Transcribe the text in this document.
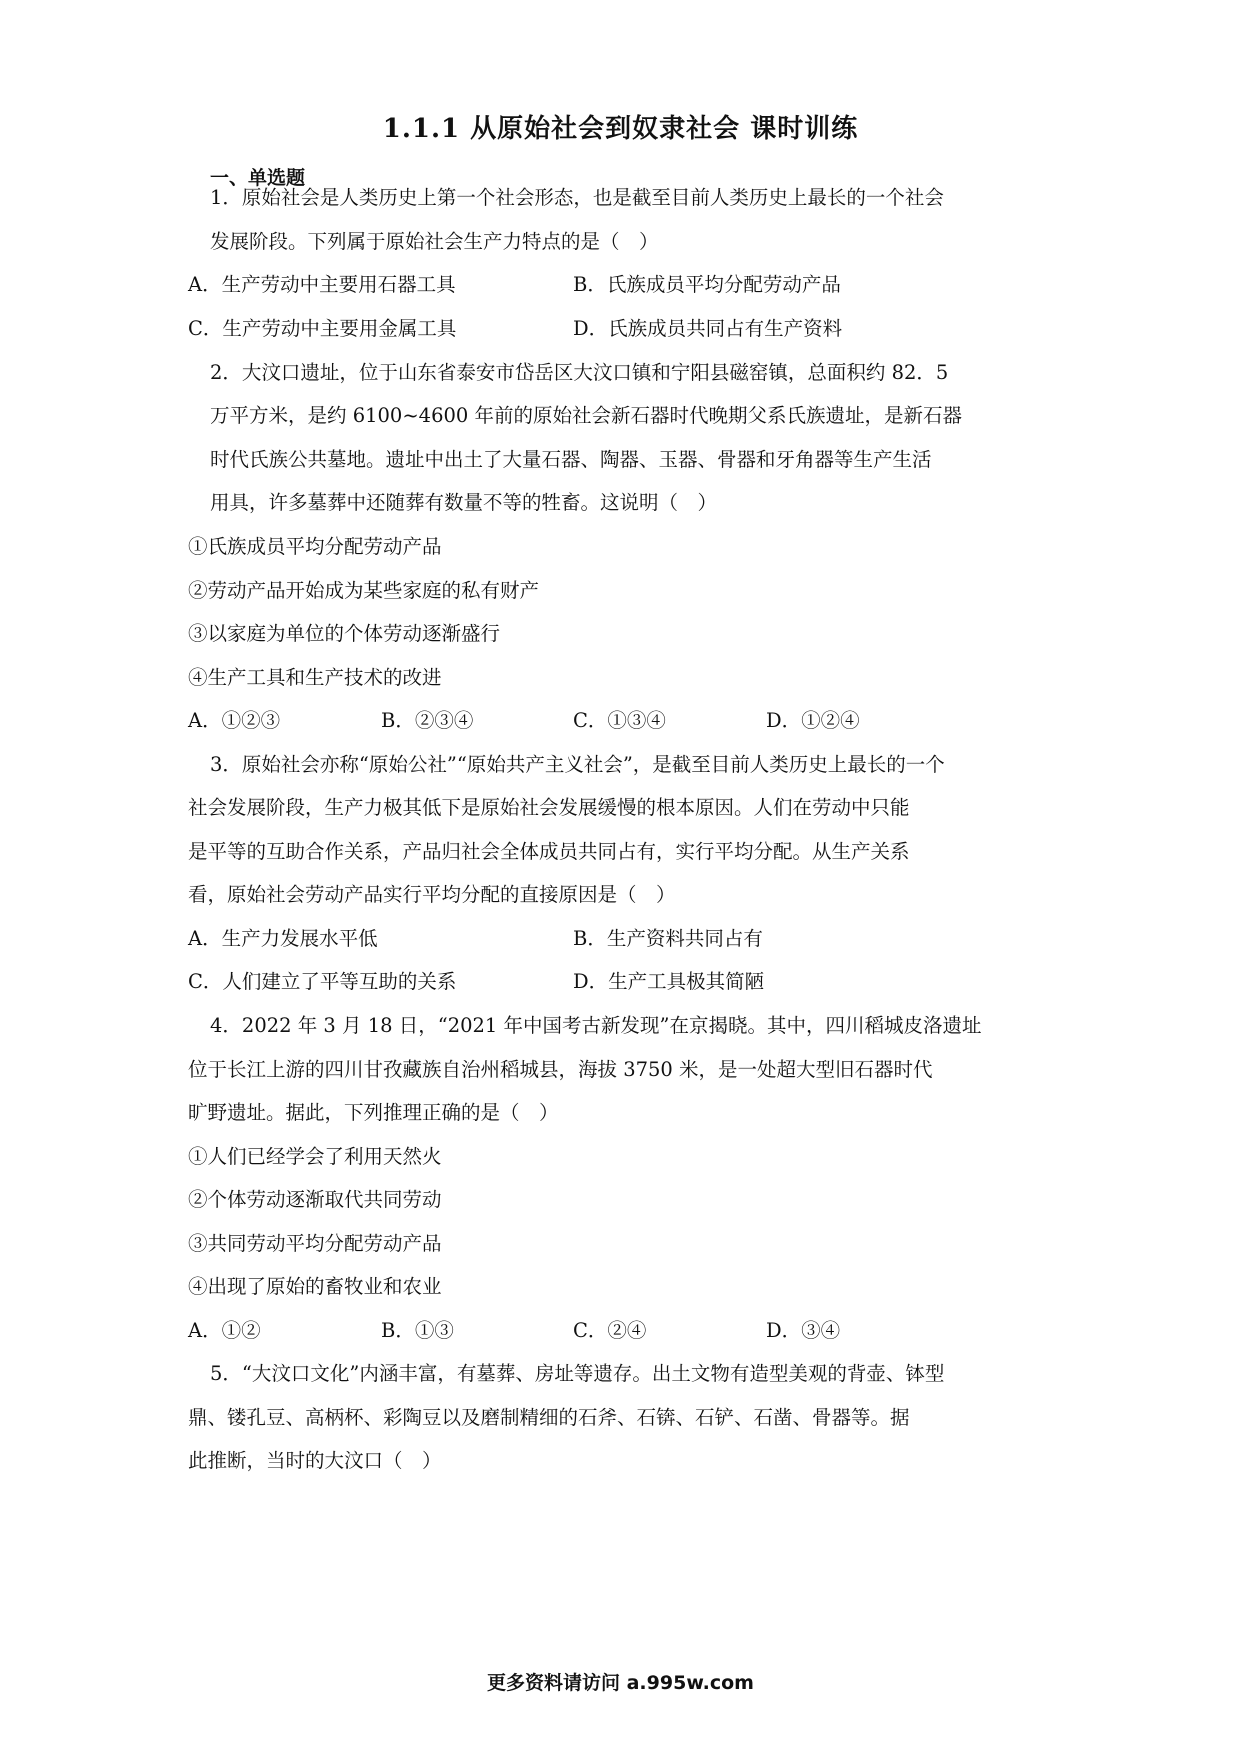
1.1.1 从原始社会到奴隶社会 课时训练
一、单选题
1．原始社会是人类历史上第一个社会形态，也是截至目前人类历史上最长的一个社会
发展阶段。下列属于原始社会生产力特点的是（　）
A．生产劳动中主要用石器工具	B．氏族成员平均分配劳动产品
C．生产劳动中主要用金属工具	D．氏族成员共同占有生产资料
2．大汶口遗址，位于山东省泰安市岱岳区大汶口镇和宁阳县磁窑镇，总面积约 82．5
万平方米，是约 6100~4600 年前的原始社会新石器时代晚期父系氏族遗址，是新石器
时代氏族公共墓地。遗址中出土了大量石器、陶器、玉器、骨器和牙角器等生产生活
用具，许多墓葬中还随葬有数量不等的牲畜。这说明（　）
①氏族成员平均分配劳动产品
②劳动产品开始成为某些家庭的私有财产
③以家庭为单位的个体劳动逐渐盛行
④生产工具和生产技术的改进
A．①②③	B．②③④	C．①③④	D．①②④
3．原始社会亦称“原始公社”“原始共产主义社会”，是截至目前人类历史上最长的一个
社会发展阶段，生产力极其低下是原始社会发展缓慢的根本原因。人们在劳动中只能
是平等的互助合作关系，产品归社会全体成员共同占有，实行平均分配。从生产关系
看，原始社会劳动产品实行平均分配的直接原因是（　）
A．生产力发展水平低	B．生产资料共同占有
C．人们建立了平等互助的关系	D．生产工具极其简陋
4．2022 年 3 月 18 日，“2021 年中国考古新发现”在京揭晓。其中，四川稻城皮洛遗址
位于长江上游的四川甘孜藏族自治州稻城县，海拔 3750 米，是一处超大型旧石器时代
旷野遗址。据此，下列推理正确的是（　）
①人们已经学会了利用天然火
②个体劳动逐渐取代共同劳动
③共同劳动平均分配劳动产品
④出现了原始的畜牧业和农业
A．①②	B．①③	C．②④	D．③④
5．“大汶口文化”内涵丰富，有墓葬、房址等遗存。出土文物有造型美观的背壶、钵型
鼎、镂孔豆、高柄杯、彩陶豆以及磨制精细的石斧、石锛、石铲、石凿、骨器等。据
此推断，当时的大汶口（　）
更多资料请访问 a.995w.com
